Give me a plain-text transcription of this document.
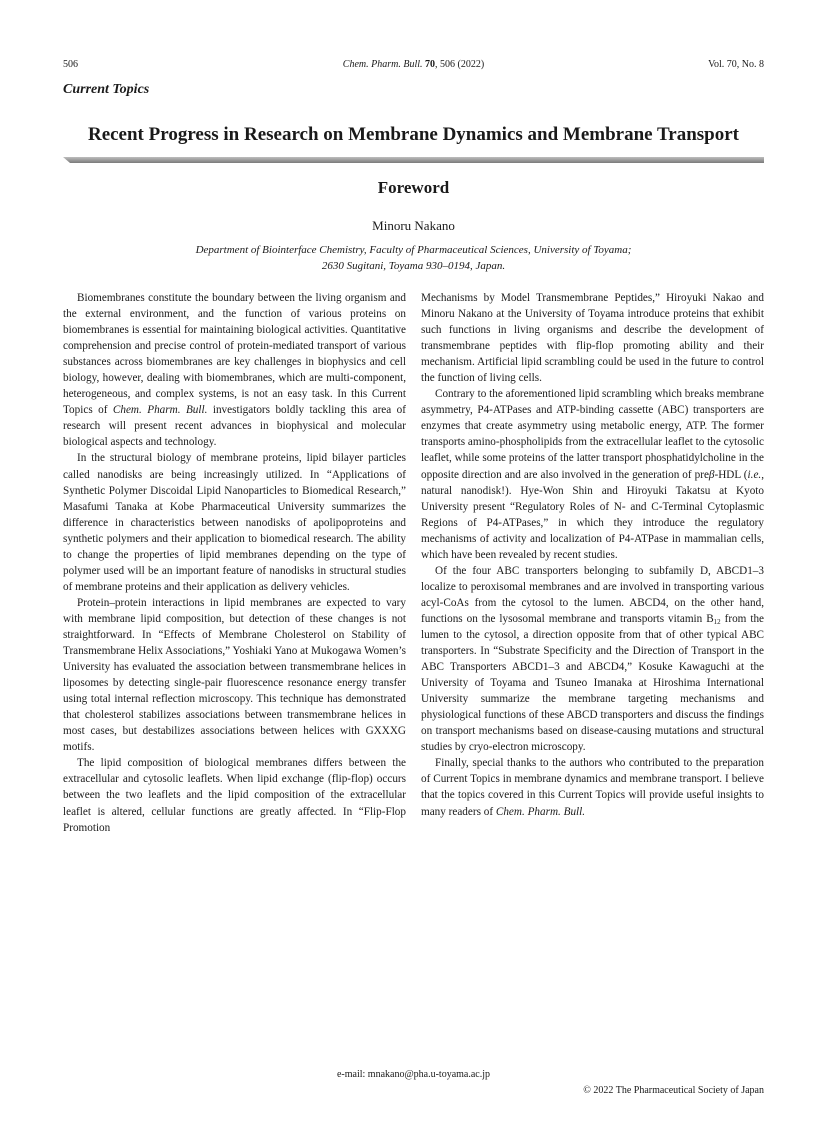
506	Chem. Pharm. Bull. 70, 506 (2022)	Vol. 70, No. 8
Current Topics
Recent Progress in Research on Membrane Dynamics and Membrane Transport
Foreword
Minoru Nakano
Department of Biointerface Chemistry, Faculty of Pharmaceutical Sciences, University of Toyama;
2630 Sugitani, Toyama 930–0194, Japan.

Biomembranes constitute the boundary between the living organism and the external environment, and the function of various proteins on biomembranes is essential for maintaining biological activities. Quantitative comprehension and precise control of protein-mediated transport of various substances across biomembranes are key challenges in biophysics and cell biology, however, dealing with biomembranes, which are multi-component, heterogeneous, and complex systems, is not an easy task. In this Current Topics of Chem. Pharm. Bull. investigators boldly tackling this area of research will present recent advances in biophysical and molecular biological aspects and technology.

In the structural biology of membrane proteins, lipid bilayer particles called nanodisks are being increasingly utilized. In “Applications of Synthetic Polymer Discoidal Lipid Nanoparticles to Biomedical Research,” Masafumi Tanaka at Kobe Pharmaceutical University summarizes the difference in characteristics between nanodisks of apolipoproteins and synthetic polymers and their application to biomedical research. The ability to change the properties of lipid membranes depending on the type of polymer used will be an important feature of nanodisks in structural studies of membrane proteins and their application as delivery vehicles.

Protein–protein interactions in lipid membranes are expected to vary with membrane lipid composition, but detection of these changes is not straightforward. In “Effects of Membrane Cholesterol on Stability of Transmembrane Helix Associations,” Yoshiaki Yano at Mukogawa Women’s University has evaluated the association between transmembrane helices in liposomes by detecting single-pair fluorescence resonance energy transfer using total internal reflection microscopy. This technique has demonstrated that cholesterol stabilizes associations between transmembrane helices in most cases, but destabilizes associations between helices with GXXXG motifs.

The lipid composition of biological membranes differs between the extracellular and cytosolic leaflets. When lipid exchange (flip-flop) occurs between the two leaflets and the lipid composition of the extracellular leaflet is altered, cellular functions are greatly affected. In “Flip-Flop Promotion

Mechanisms by Model Transmembrane Peptides,” Hiroyuki Nakao and Minoru Nakano at the University of Toyama introduce proteins that exhibit such functions in living organisms and describe the development of transmembrane peptides with flip-flop promoting ability and their mechanism. Artificial lipid scrambling could be used in the future to control the function of living cells.

Contrary to the aforementioned lipid scrambling which breaks membrane asymmetry, P4-ATPases and ATP-binding cassette (ABC) transporters are enzymes that create asymmetry using metabolic energy, ATP. The former transports amino-phospholipids from the extracellular leaflet to the cytosolic leaflet, while some proteins of the latter transport phosphatidylcholine in the opposite direction and are also involved in the generation of preβ-HDL (i.e., natural nanodisk!). Hye-Won Shin and Hiroyuki Takatsu at Kyoto University present “Regulatory Roles of N- and C-Terminal Cytoplasmic Regions of P4-ATPases,” in which they introduce the regulatory mechanisms of activity and localization of P4-ATPase in mammalian cells, which have been revealed by recent studies.

Of the four ABC transporters belonging to subfamily D, ABCD1–3 localize to peroxisomal membranes and are involved in transporting various acyl-CoAs from the cytosol to the lumen. ABCD4, on the other hand, functions on the lysosomal membrane and transports vitamin $B_{12}$ from the lumen to the cytosol, a direction opposite from that of other typical ABC transporters. In “Substrate Specificity and the Direction of Transport in the ABC Transporters ABCD1–3 and ABCD4,” Kosuke Kawaguchi at the University of Toyama and Tsuneo Imanaka at Hiroshima International University summarize the membrane targeting mechanisms and physiological functions of these ABCD transporters and discuss the findings on transport mechanisms based on disease-causing mutations and structural studies by cryo-electron microscopy.

Finally, special thanks to the authors who contributed to the preparation of Current Topics in membrane dynamics and membrane transport. I believe that the topics covered in this Current Topics will provide useful insights to many readers of Chem. Pharm. Bull.

e-mail: mnakano@pha.u-toyama.ac.jp
© 2022 The Pharmaceutical Society of Japan
